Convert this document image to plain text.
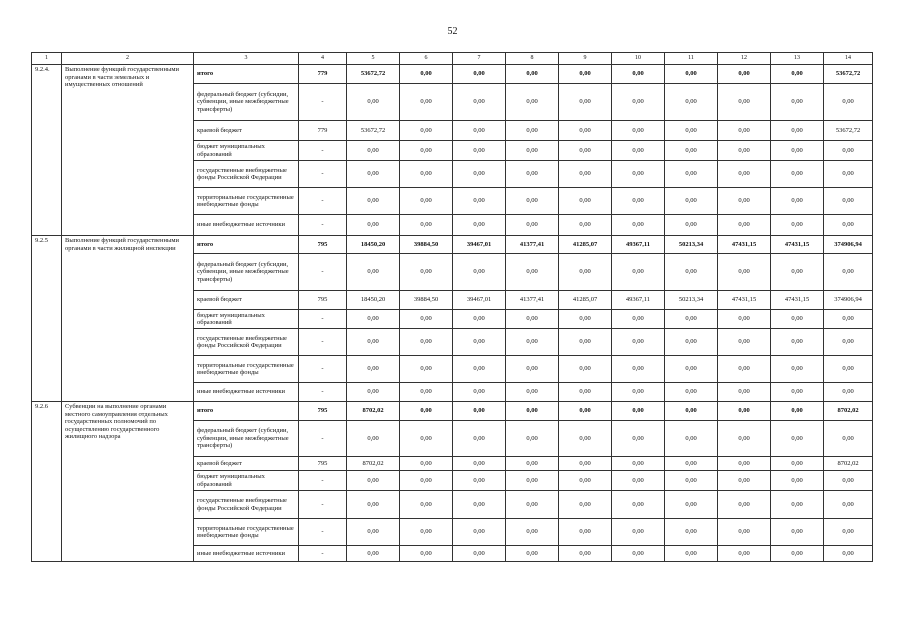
52
1	2	3	4	5	6	7	8	9	10	11	12	13	14
9.2.4.	Выполнение функций государственными органами в части земельных и имущественных отношений	итого	779	53672,72	0,00	0,00	0,00	0,00	0,00	0,00	0,00	0,00	53672,72
		федеральный бюджет (субсидии, субвенции, иные межбюджетные трансферты)	-	0,00	0,00	0,00	0,00	0,00	0,00	0,00	0,00	0,00	0,00
		краевой бюджет	779	53672,72	0,00	0,00	0,00	0,00	0,00	0,00	0,00	0,00	53672,72
		бюджет муниципальных образований	-	0,00	0,00	0,00	0,00	0,00	0,00	0,00	0,00	0,00	0,00
		государственные внебюджетные фонды Российской Федерации	-	0,00	0,00	0,00	0,00	0,00	0,00	0,00	0,00	0,00	0,00
		территориальные государственные внебюджетные фонды	-	0,00	0,00	0,00	0,00	0,00	0,00	0,00	0,00	0,00	0,00
		иные внебюджетные источники	-	0,00	0,00	0,00	0,00	0,00	0,00	0,00	0,00	0,00	0,00
9.2.5	Выполнение функций государственными органами в части жилищной инспекции	итого	795	18450,20	39884,50	39467,01	41377,41	41285,07	49367,11	50213,34	47431,15	47431,15	374906,94
		федеральный бюджет (субсидии, субвенции, иные межбюджетные трансферты)	-	0,00	0,00	0,00	0,00	0,00	0,00	0,00	0,00	0,00	0,00
		краевой бюджет	795	18450,20	39884,50	39467,01	41377,41	41285,07	49367,11	50213,34	47431,15	47431,15	374906,94
		бюджет муниципальных образований	-	0,00	0,00	0,00	0,00	0,00	0,00	0,00	0,00	0,00	0,00
		государственные внебюджетные фонды Российской Федерации	-	0,00	0,00	0,00	0,00	0,00	0,00	0,00	0,00	0,00	0,00
		территориальные государственные внебюджетные фонды	-	0,00	0,00	0,00	0,00	0,00	0,00	0,00	0,00	0,00	0,00
		иные внебюджетные источники	-	0,00	0,00	0,00	0,00	0,00	0,00	0,00	0,00	0,00	0,00
9.2.6	Субвенции на выполнение органами местного самоуправления отдельных государственных полномочий по осуществлению государственного жилищного надзора	итого	795	8702,02	0,00	0,00	0,00	0,00	0,00	0,00	0,00	0,00	8702,02
		федеральный бюджет (субсидии, субвенции, иные межбюджетные трансферты)	-	0,00	0,00	0,00	0,00	0,00	0,00	0,00	0,00	0,00	0,00
		краевой бюджет	795	8702,02	0,00	0,00	0,00	0,00	0,00	0,00	0,00	0,00	8702,02
		бюджет муниципальных образований	-	0,00	0,00	0,00	0,00	0,00	0,00	0,00	0,00	0,00	0,00
		государственные внебюджетные фонды Российской Федерации	-	0,00	0,00	0,00	0,00	0,00	0,00	0,00	0,00	0,00	0,00
		территориальные государственные внебюджетные фонды	-	0,00	0,00	0,00	0,00	0,00	0,00	0,00	0,00	0,00	0,00
		иные внебюджетные источники	-	0,00	0,00	0,00	0,00	0,00	0,00	0,00	0,00	0,00	0,00
